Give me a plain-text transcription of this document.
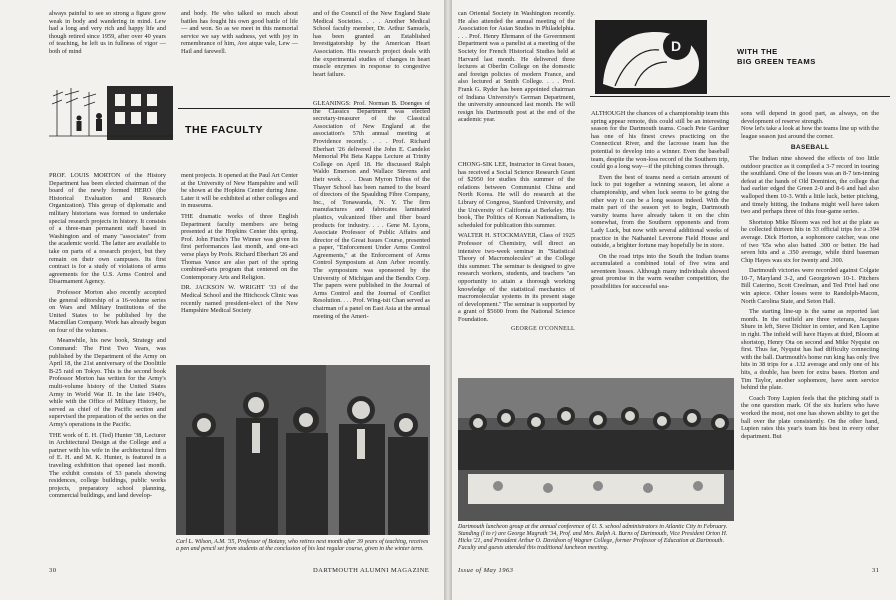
always painful to see so strong a figure grow weak in body and wandering in mind. Lew had a long and very rich and happy life and though retired since 1959, after over 40 years of teaching, he left us in fullness of vigor — both of mind

and body. He who talked so much about battles has fought his own good battle of life — and won. So as we meet in this memorial service we say with sadness, yet with joy in remembrance of him, Ave atque vale, Lew — Hail and farewell.

and of the Council of the New England State Medical Societies. . . . Another Medical School faculty member, Dr. Arthur Samuels, has been granted an Established Investigatorship by the American Heart Association. His research project deals with the experimental studies of changes in heart muscle enzymes in response to congestive heart failure.

THE FACULTY

PROF. LOUIS MORTON of the History Department has been elected chairman of the board of the newly formed HERO (the Historical Evaluation and Research Organization). This group of diplomatic and military historians was formed to undertake special research projects in history. It consists of a three-man permanent staff based in Washington and of many "associates" from the academic world. The latter are available to take on parts of a research project, but they remain on their own campuses. Its first contract is for a study of violations of arms agreements for the U.S. Arms Control and Disarmament Agency.

Professor Morton also recently accepted the general editorship of a 16-volume series on Wars and Military Institutions of the United States to be published by the Macmillan Company. Work has already begun on four of the volumes.

Meanwhile, his new book, Strategy and Command: The First Two Years, was published by the Department of the Army on April 18, the 21st anniversary of the Doolittle B-25 raid on Tokyo. This is the second book Professor Morton has written for the Army's multi-volume history of the United States Army in World War II. In the late 1940's, while with the Office of Military History, he served as chief of the Pacific section and supervised the preparation of the series on the Army's operations in the Pacific.

THE work of E. H. (Ted) Hunter '38, Lecturer in Architectural Design at the College and a partner with his wife in the architectural firm of E. H. and M. K. Hunter, is featured in a traveling exhibition that opened last month. The exhibit consists of 53 panels showing residences, college buildings, public works projects, preparatory school planning, commercial buildings, and land develop-

ment projects. It opened at the Paul Art Center at the University of New Hampshire and will be shown at the Hopkins Center during June. Later it will be exhibited at other colleges and in museums.

THE dramatic works of three English Department faculty members are being presented at the Hopkins Center this spring. Prof. John Finch's The Winner was given its first performances last month, and one-act verse plays by Profs. Richard Eberhart '26 and Thomas Vance are also part of the spring combined-arts program that centered on the Contemporary Arts and Religion.

DR. JACKSON W. WRIGHT '33 of the Medical School and the Hitchcock Clinic was recently named president-elect of the New Hampshire Medical Society

GLEANINGS: Prof. Norman B. Doenges of the Classics Department was elected secretary-treasurer of the Classical Association of New England at the association's 57th annual meeting at Providence recently. . . . Prof. Richard Eberhart '26 delivered the John E. Candelot Memorial Phi Beta Kappa Lecture at Trinity College on April 18. He discussed Ralph Waldo Emerson and Wallace Stevens and their work. . . . Dean Myron Tribus of the Thayer School has been named to the board of directors of the Spaulding Fibre Company, Inc., of Tonawanda, N. Y. The firm manufactures and fabricates laminated plastics, vulcanized fiber and fiber board products for industry. . . . Gene M. Lyons, Associate Professor of Public Affairs and director of the Great Issues Course, presented a paper, "Enforcement Under Arms Control Agreements," at the Enforcement of Arms Control Symposium at Ann Arbor recently. The symposium was sponsored by the University of Michigan and the Bendix Corp. The papers were published in the Journal of Arms Control and the Journal of Conflict Resolution. . . . Prof. Wing-tsit Chan served as chairman of a panel on East Asia at the annual meeting of the Ameri-

Carl L. Wilson, A.M. '35, Professor of Botany, who retires next month after 39 years of teaching, receives a pen and pencil set from students at the conclusion of his last regular course, given in the winter term.
30	DARTMOUTH ALUMNI MAGAZINE

can Oriental Society in Washington recently. He also attended the annual meeting of the Association for Asian Studies in Philadelphia. . . . Prof. Henry Ehrmann of the Government Department was a panelist at a meeting of the Society for French Historical Studies held at Harvard last month. He delivered three lectures at Oberlin College on the domestic and foreign policies of modern France, and also lectured at Smith College. . . . Prof. Frank G. Ryder has been appointed chairman of Indiana University's German Department, the university announced last month. He will resign his Dartmouth post at the end of the academic year.

D	WITH THE
BIG GREEN TEAMS

CHONG-SIK LEE, Instructor in Great Issues, has received a Social Science Research Grant of $2950 for studies this summer of the relations between Communist China and North Korea. He will do research at the Library of Congress, Stanford University, and the University of California at Berkeley. His book, The Politics of Korean Nationalism, is scheduled for publication this summer.

WALTER H. STOCKMAYER, Class of 1925 Professor of Chemistry, will direct an intensive two-week seminar in "Statistical Theory of Macromolecules" at the College this summer. The seminar is designed to give research workers, students, and teachers "an opportunity to attain a thorough working knowledge of the statistical mechanics of macromolecular systems in its present stage of development." The seminar is supported by a grant of $5600 from the National Science Foundation.

GEORGE O'CONNELL

ALTHOUGH the chances of a championship team this spring appear remote, this could still be an interesting season for the Dartmouth teams. Coach Pete Gardner has one of his finest crews practicing on the Connecticut River, and the lacrosse team has the potential to develop into a winner. Even the baseball team, despite the won-loss record of the Southern trip, could go a long way—if the pitching comes through.

Even the best of teams need a certain amount of luck to put together a winning season, let alone a championship, and when luck seems to be going the other way it can be a long season indeed. With the main part of the season yet to begin, Dartmouth varsity teams have already taken it on the chin somewhat, from the Southern opponents and from Lady Luck, but now with several additional weeks of practice in the Nathaniel Leverone Field House and outside, a brighter fortune may hopefully be in store.

On the road trips into the South the Indian teams accumulated a combined total of five wins and seventeen losses. Although many individuals showed great promise in the warm weather competition, the possibilities for successful sea-

sons will depend in good part, as always, on the development of reserve strength.
Now let's take a look at how the teams line up with the league season just around the corner.

BASEBALL

The Indian nine showed the effects of too little outdoor practice as it compiled a 3-7 record in touring the southland. One of the losses was an 8-7 ten-inning defeat at the hands of Old Dominion, the college that had earlier edged the Green 2-0 and 8-6 and had also walloped them 10-3. With a little luck, better pitching, and timely hitting, the Indians might well have taken two and perhaps three of this four-game series.

Shortstop Mike Bloom was red hot at the plate as he collected thirteen hits in 33 official trips for a .394 average. Dick Horton, a sophomore catcher, was one of two '65s who also batted .300 or better. He had seven hits and a .350 average, while third baseman Chip Hayes was six for twenty and .300.

Dartmouth victories were recorded against Colgate 10-7, Maryland 3-2, and Georgetown 10-1. Pitchers Bill Caterino, Scott Creelman, and Ted Friel had one win apiece. Other losses were to Randolph-Macon, North Carolina State, and Seton Hall.

The starting line-up is the same as reported last month. In the outfield are three veterans, Jacques Shure in left, Steve Dichter in center, and Ken Lapine in right. The infield will have Hayes at third, Bloom at shortstop, Henry Ota on second and Mike Nyquist on first. Thus far, Nyquist has had difficulty connecting with the ball. Dartmouth's home run king has only five hits in 38 trips for a .132 average and only one of his hits, a double, has been for extra bases. Horton and Tim Taylor, another sophomore, have seen service behind the plate.

Coach Tony Lupien feels that the pitching staff is the one question mark. Of the six hurlers who have worked the most, not one has shown ability to get the ball over the plate consistently. On the other hand, Lupien rates this year's team his best in every other department. But

Dartmouth luncheon group at the annual conference of U. S. school administrators in Atlantic City in February. Standing (l to r) are George Magrath '34, Prof. and Mrs. Ralph A. Burns of Dartmouth, Vice President Orton H. Hicks '21, and President Arthur O. Davidson of Wagner College, former Professor of Education at Dartmouth. Faculty and guests attended this traditional luncheon meeting.
Issue of May 1963	31
